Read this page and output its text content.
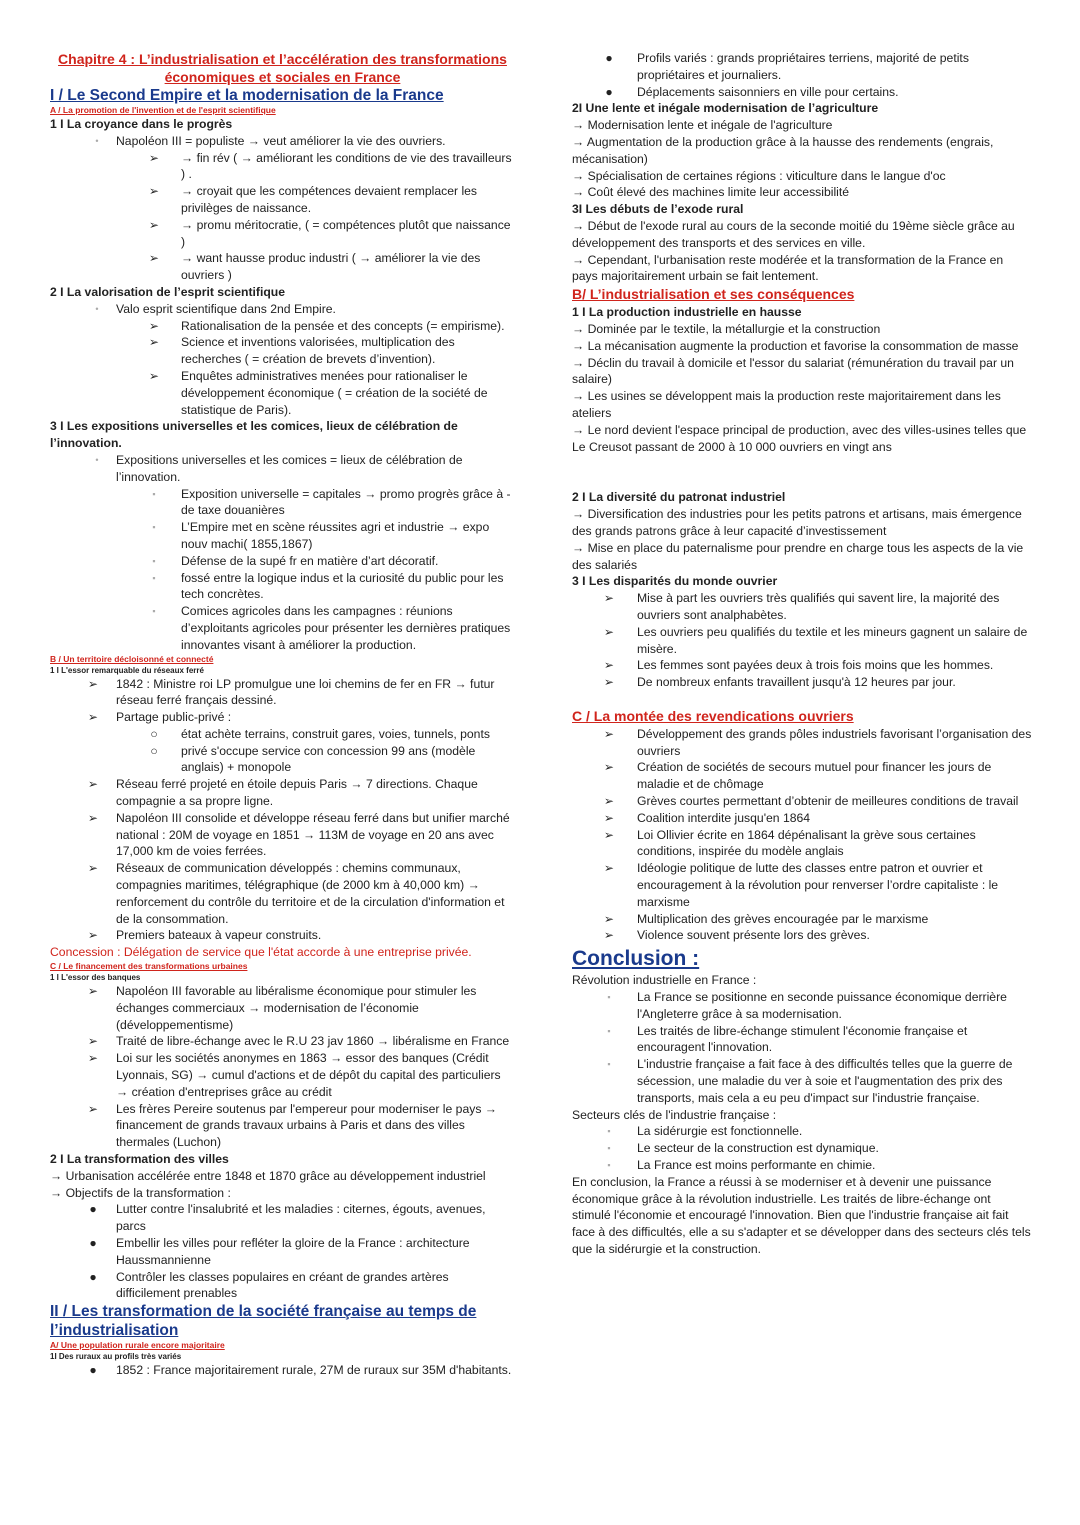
Chapitre 4 : L’industrialisation et l’accélération des transformations économiques et sociales en France
I / Le Second Empire et la modernisation de la France
A / La promotion de l'invention et de l'esprit scientifique
1 I La croyance dans le progrès
•	Napoléon III = populiste → veut améliorer la vie des ouvriers.
➢ → fin rév ( → améliorant les conditions de vie des travailleurs ) .
➢ → croyait que les compétences devaient remplacer les privilèges de naissance.
➢ → promu méritocratie, ( = compétences plutôt que naissance )
➢ → want hausse produc industri ( → améliorer la vie des ouvriers )
2 I La valorisation de l’esprit scientifique
•	Valo esprit scientifique dans 2nd Empire.
➢ Rationalisation de la pensée et des concepts (= empirisme).
➢ Science et inventions valorisées, multiplication des recherches ( = création de brevets d’invention).
➢ Enquêtes administratives menées pour rationaliser le développement économique ( = création de la société de statistique de Paris).
3 I Les expositions universelles et les comices, lieux de célébration de l’innovation.
•	Expositions universelles et les comices = lieux de célébration de l’innovation.
▪	Exposition universelle = capitales → promo progrès grâce à - de taxe douanières
▪	L’Empire met en scène réussites agri et industrie → expo nouv machi( 1855,1867)
▪	Défense de la supé fr en matière d’art décoratif.
▪	fossé entre la logique indus et la curiosité du public pour les tech concrètes.
▪	Comices agricoles dans les campagnes : réunions d’exploitants agricoles pour présenter les dernières pratiques innovantes visant à améliorer la production.
B / Un territoire décloisonné et connecté
1 I L'essor remarquable du réseaux ferré
➢ 1842 : Ministre roi LP promulgue une loi chemins de fer en FR → futur réseau ferré français dessiné.
➢ Partage public-privé :
○ état achète terrains, construit gares, voies, tunnels, ponts
○ privé s'occupe service con concession 99 ans (modèle anglais) + monopole
➢ Réseau ferré projeté en étoile depuis Paris → 7 directions. Chaque compagnie a sa propre ligne.
➢ Napoléon III consolide et développe réseau ferré dans but unifier marché national : 20M de voyage en 1851 → 113M de voyage en 20 ans avec 17,000 km de voies ferrées.
➢ Réseaux de communication développés : chemins communaux, compagnies maritimes, télégraphique (de 2000 km à 40,000 km) → renforcement du contrôle du territoire et de la circulation d'information et de la consommation.
➢ Premiers bateaux à vapeur construits.
Concession : Délégation de service que l'état accorde à une entreprise privée.
C / Le financement des transformations urbaines
1 I L'essor des banques
➢ Napoléon III favorable au libéralisme économique pour stimuler les échanges commerciaux → modernisation de l’économie (développementisme)
➢ Traité de libre-échange avec le R.U 23 jav 1860 → libéralisme en France
➢ Loi sur les sociétés anonymes en 1863 → essor des banques (Crédit Lyonnais, SG) → cumul d'actions et de dépôt du capital des particuliers → création d'entreprises grâce au crédit
➢ Les frères Pereire soutenus par l'empereur pour moderniser le pays → financement de grands travaux urbains à Paris et dans des villes thermales (Luchon)
2 I La transformation des villes
→ Urbanisation accélérée entre 1848 et 1870 grâce au développement industriel
→ Objectifs de la transformation :
● Lutter contre l'insalubrité et les maladies : citernes, égouts, avenues, parcs
● Embellir les villes pour refléter la gloire de la France : architecture Haussmannienne
● Contrôler les classes populaires en créant de grandes artères difficilement prenables
II / Les transformation de la société française au temps de l’industrialisation
A/ Une population rurale encore majoritaire
1I Des ruraux au profils très variés
● 1852 : France majoritairement rurale, 27M de ruraux sur 35M d'habitants.
● Profils variés : grands propriétaires terriens, majorité de petits propriétaires et journaliers.
● Déplacements saisonniers en ville pour certains.
2I Une lente et inégale modernisation de l’agriculture
→ Modernisation lente et inégale de l'agriculture
→ Augmentation de la production grâce à la hausse des rendements (engrais, mécanisation)
→ Spécialisation de certaines régions : viticulture dans le langue d'oc
→ Coût élevé des machines limite leur accessibilité
3I Les débuts de l’exode rural
→ Début de l'exode rural au cours de la seconde moitié du 19ème siècle grâce au développement des transports et des services en ville.
→ Cependant, l'urbanisation reste modérée et la transformation de la France en pays majoritairement urbain se fait lentement.
B/ L’industrialisation et ses conséquences
1 I La production industrielle en hausse
→ Dominée par le textile, la métallurgie et la construction
→ La mécanisation augmente la production et favorise la consommation de masse
→ Déclin du travail à domicile et l'essor du salariat (rémunération du travail par un salaire)
→ Les usines se développent mais la production reste majoritairement dans les ateliers
→ Le nord devient l'espace principal de production, avec des villes-usines telles que Le Creusot passant de 2000 à 10 000 ouvriers en vingt ans
2 I La diversité du patronat industriel
→ Diversification des industries pour les petits patrons et artisans, mais émergence des grands patrons grâce à leur capacité d’investissement
→ Mise en place du paternalisme pour prendre en charge tous les aspects de la vie des salariés
3 I Les disparités du monde ouvrier
➢ Mise à part les ouvriers très qualifiés qui savent lire, la majorité des ouvriers sont analphabètes.
➢ Les ouvriers peu qualifiés du textile et les mineurs gagnent un salaire de misère.
➢ Les femmes sont payées deux à trois fois moins que les hommes.
➢ De nombreux enfants travaillent jusqu'à 12 heures par jour.
C / La montée des revendications ouvriers
➢ Développement des grands pôles industriels favorisant l’organisation des ouvriers
➢ Création de sociétés de secours mutuel pour financer les jours de maladie et de chômage
➢ Grèves courtes permettant d’obtenir de meilleures conditions de travail
➢ Coalition interdite jusqu'en 1864
➢ Loi Ollivier écrite en 1864 dépénalisant la grève sous certaines conditions, inspirée du modèle anglais
➢ Idéologie politique de lutte des classes entre patron et ouvrier et encouragement à la révolution pour renverser l’ordre capitaliste : le marxisme
➢ Multiplication des grèves encouragée par le marxisme
➢ Violence souvent présente lors des grèves.
Conclusion :
Révolution industrielle en France :
▪	La France se positionne en seconde puissance économique derrière l'Angleterre grâce à sa modernisation.
▪	Les traités de libre-échange stimulent l'économie française et encouragent l'innovation.
▪	L'industrie française a fait face à des difficultés telles que la guerre de sécession, une maladie du ver à soie et l'augmentation des prix des transports, mais cela a eu peu d'impact sur l'industrie française.
Secteurs clés de l'industrie française :
▪	La sidérurgie est fonctionnelle.
▪	Le secteur de la construction est dynamique.
▪	La France est moins performante en chimie.
En conclusion, la France a réussi à se moderniser et à devenir une puissance économique grâce à la révolution industrielle. Les traités de libre-échange ont stimulé l'économie et encouragé l'innovation. Bien que l'industrie française ait fait face à des difficultés, elle a su s'adapter et se développer dans des secteurs clés tels que la sidérurgie et la construction.
